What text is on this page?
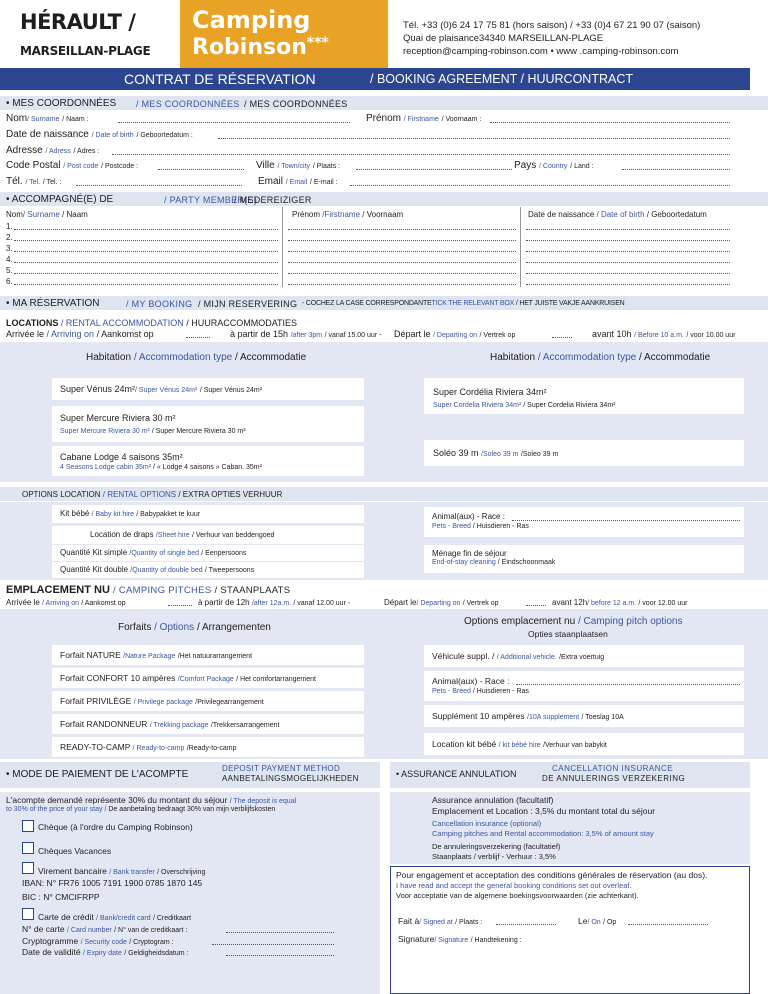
HÉRAULT /
MARSEILLAN-PLAGE
Camping
Robinson***
Tél. +33 (0)6 24 17 75 81 (hors saison) / +33 (0)4 67 21 90 07 (saison)
Quai de plaisance34340 MARSEILLAN-PLAGE
reception@camping-robinson.com • www .camping-robinson.com
CONTRAT DE RÉSERVATION	/ BOOKING AGREEMENT / HUURCONTRACT
• MES COORDONNÉES / MES COORDONNÉES / MES COORDONNÉES
Nom/ Surname / Naam :	Prénom / Firstname / Voornaam :
Date de naissance / Date of birth / Geboortedatum :
Adresse / Adress / Adres :
Code Postal / Post code / Postcode :	Ville / Town/city / Plaats :	Pays / Country / Land :
Tél. / Tel. / Tel. :	Email / Email / E-mail :
• ACCOMPAGNÉ(E) DE	/ PARTY MEMBER(S)
/ MEDEREIZIGER
Nom/ Surname / Naam	Prénom /Firstname / Voornaam	Date de naissance / Date of birth / Geboortedatum
1.
2.
3.
4.
5.
6.
• MA RÉSERVATION	/ MY BOOKING / MIJN RESERVERING - COCHEZ LA CASE CORRESPONDANTETICK THE RELEVANT BOX / HET JUISTE VAKJE AANKRUISEN
LOCATIONS / RENTAL ACCOMMODATION / HUURACCOMMODATIES
Arrivée le / Arriving on / Aankomst op	à partir de 15h /after 3pm / vanaf 15.00 uur - Départ le / Departing on / Vertrek op	avant 10h / Before 10 a.m. / voor 10.00 uur
Habitation / Accommodation type / Accommodatie	Habitation / Accommodation type / Accommodatie
Super Vénus 24m²/ Super Vénus 24m² / Super Vénus 24m²
Super Mercure Riviera 30 m²
Super Mercure Riviera 30 m² / Super Mercure Riviera 30 m²
Cabane Lodge 4 saisons 35m²
4 Seasons Lodge cabin 35m² / « Lodge 4 saisons » Caban. 35m²
Super Cordélia Riviera 34m²
Super Cordelia Riviera 34m² / Super Cordelia Riviera 34m²
Soléo 39 m /Soleo 39 m /Soleo 39 m
OPTIONS LOCATION / RENTAL OPTIONS / EXTRA OPTIES VERHUUR
Kit bébé / Baby kit hire / Babypakket te kuur
Location de draps /Sheet hire / Verhuur van beddengoed
Quantité Kit simple /Quantity of single bed / Eenpersoons
Quantité Kit double /Quantity of double bed / Tweepersoons
Animal(aux) - Race :
Pets - Breed / Huisdieren - Ras
Ménage fin de séjour
End-of-stay cleaning / Eindschoonmaak
EMPLACEMENT NU / CAMPING PITCHES / STAANPLAATS
Arrivée le / Arriving on / Aankomst op	à partir de 12h /after 12a.m. / vanaf 12.00 uur -	Départ le/ Departing on / Vertrek op	avant 12h/ before 12 a.m. / voor 12.00 uur
Forfaits / Options / Arrangementen
Options emplacement nu / Camping pitch options
Opties staanplaatsen
Forfait NATURE /Nature Package /Het natuurarrangement
Forfait CONFORT 10 ampères /Comfort Package / Het comfortarrangement
Forfait PRIVILÈGE / Privilege package /Privilegearrangement
Forfait RANDONNEUR / Trekking package /Trekkersarrangement
READY-TO-CAMP / Ready-to-camp /Ready-to-camp
Véhicule suppl. / / Additional vehicle. /Extra voertuig
Animal(aux) - Race :
Pets - Breed / Huisdieren - Ras
Supplément 10 ampères /10A supplement / Toeslag 10A
Location kit bébé / kit bébé hire /Verhuur van babykit
• MODE DE PAIEMENT DE L'ACOMPTE
DEPOSIT PAYMENT METHOD
AANBETALINGSMOGELIJKHEDEN
L'acompte demandé représente 30% du montant du séjour / The deposit is equal
to 30% of the price of your stay / De aanbetaling bedraagt 30% van mijn verblijfskosten
Chèque (à l'ordre du Camping Robinson)
Chèques Vacances
Virement bancaire / Bank transfer / Overschrijving
IBAN: N° FR76 1005 7191 1900 0785 1870 145
BIC : N° CMCIFRPP
Carte de crédit / Bank/credit card / Creditkaart
N° de carte / Card number / N° van de creditkaart :
Cryptogramme / Security code / Cryptogram :
Date de validité / Expiry date / Geldigheidsdatum :
• ASSURANCE ANNULATION
CANCELLATION INSURANCE
DE ANNULERINGS VERZEKERING
Assurance annulation (facultatif)
Emplacement et Location : 3,5% du montant total du séjour
Cancellation insurance (optional)
Camping pitches and Rental accommodation: 3,5% of amount stay
De annuleringsverzekering (facultatief)
Staanplaats / verblijf - Verhuur : 3,5%
Pour engagement et acceptation des conditions générales de réservation (au dos).
I have read and accept the general booking conditions set out overleaf.
Voor acceptatie van de algemene boekingsvoorwaarden (zie achterkant).
Fait à/ Signed at / Plaats :	Le/ On / Op
Signature/ Signature / Handtekening :
